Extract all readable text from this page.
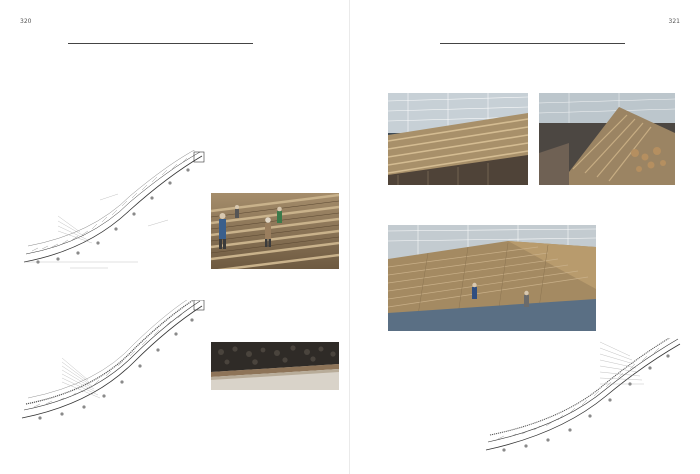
320	321
